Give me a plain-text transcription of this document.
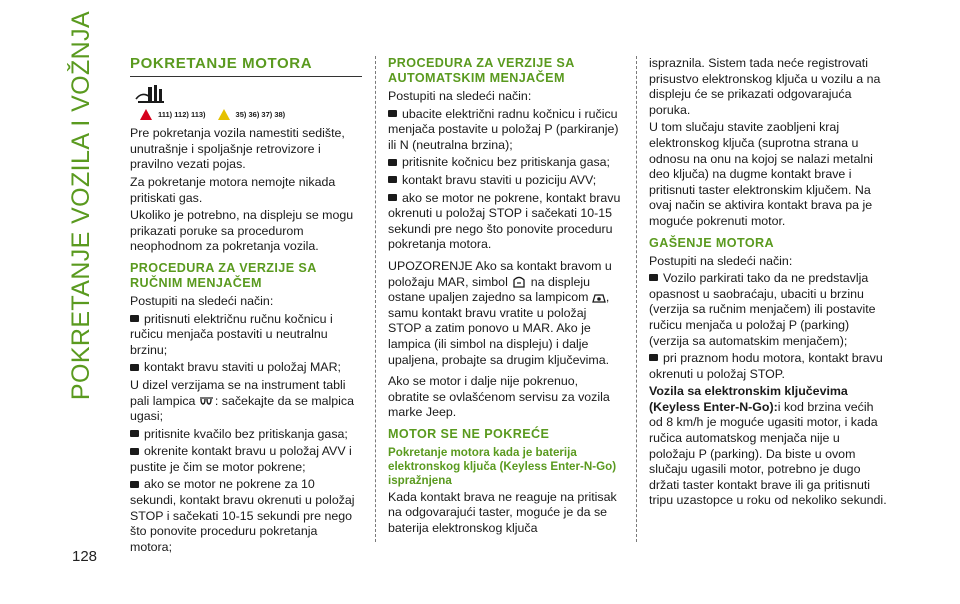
POKRETANJE VOZILA I VOŽNJA
128
POKRETANJE MOTORA
111) 112) 113)	35) 36) 37) 38)

Pre pokretanja vozila namestiti sedište, unutrašnje i spoljašnje retrovizore i pravilno vezati pojas.

Za pokretanje motora nemojte nikada pritiskati gas.

Ukoliko je potrebno, na displeju se mogu prikazati poruke sa procedurom neophodnom za pokretanja vozila.

PROCEDURA ZA VERZIJE SA RUČNIM MENJAČEM

Postupiti na sledeći način:

pritisnuti električnu ručnu kočnicu i ručicu menjača postaviti u neutralnu brzinu;

kontakt bravu staviti u položaj MAR;

U dizel verzijama se na instrument tabli pali lampica : sačekajte da se malpica ugasi;

pritisnite kvačilo bez pritiskanja gasa;

okrenite kontakt bravu u položaj AVV i pustite je čim se motor pokrene;

ako se motor ne pokrene za 10 sekundi, kontakt bravu okrenuti u položaj STOP i sačekati 10-15 sekundi pre nego što ponovite proceduru pokretanja motora;

PROCEDURA ZA VERZIJE SA AUTOMATSKIM MENJAČEM

Postupiti na sledeći način:

ubacite električni radnu kočnicu i ručicu menjača postavite u položaj P (parkiranje) ili N (neutralna brzina);

pritisnite kočnicu bez pritiskanja gasa;

kontakt bravu staviti u poziciju AVV;

ako se motor ne pokrene, kontakt bravu okrenuti u položaj STOP i sačekati 10-15 sekundi pre nego što ponovite proceduru pokretanja motora.

UPOZORENJE Ako sa kontakt bravom u položaju MAR, simbol na displeju ostane upaljen zajedno sa lampicom , samu kontakt bravu vratite u položaj STOP a zatim ponovo u MAR. Ako je lampica (ili simbol na displeju) i dalje upaljena, probajte sa drugim ključevima.

Ako se motor i dalje nije pokrenuo, obratite se ovlašćenom servisu za vozila marke Jeep.

MOTOR SE NE POKREĆE
Pokretanje motora kada je baterija elektronskog ključa (Keyless Enter-N-Go) ispražnjena

Kada kontakt brava ne reaguje na pritisak na odgovarajući taster, moguće je da se baterija elektronskog ključa

ispraznila. Sistem tada neće registrovati prisustvo elektronskog ključa u vozilu a na displeju će se prikazati odgovarajuća poruka.

U tom slučaju stavite zaobljeni kraj elektronskog ključa (suprotna strana u odnosu na onu na kojoj se nalazi metalni deo ključa) na dugme kontakt brave i pritisnuti taster elektronskim ključem. Na ovaj način se aktivira kontakt brava pa je moguće pokrenuti motor.

GAŠENJE MOTORA

Postupiti na sledeći način:

Vozilo parkirati tako da ne predstavlja opasnost u saobraćaju, ubaciti u brzinu (verzija sa ručnim menjačem) ili postavite ručicu menjača u položaj P (parking) (verzija sa automatskim menjačem);

pri praznom hodu motora, kontakt bravu okrenuti u položaj STOP.

Vozila sa elektronskim ključevima (Keyless Enter-N-Go):i kod brzina većih od 8 km/h je moguće ugasiti motor, i kada ručica automatskog menjača nije u položaju P (parking). Da biste u ovom slučaju ugasili motor, potrebno je dugo držati taster kontakt brave ili ga pritisnuti tripu uzastopce u roku od nekoliko sekundi.
